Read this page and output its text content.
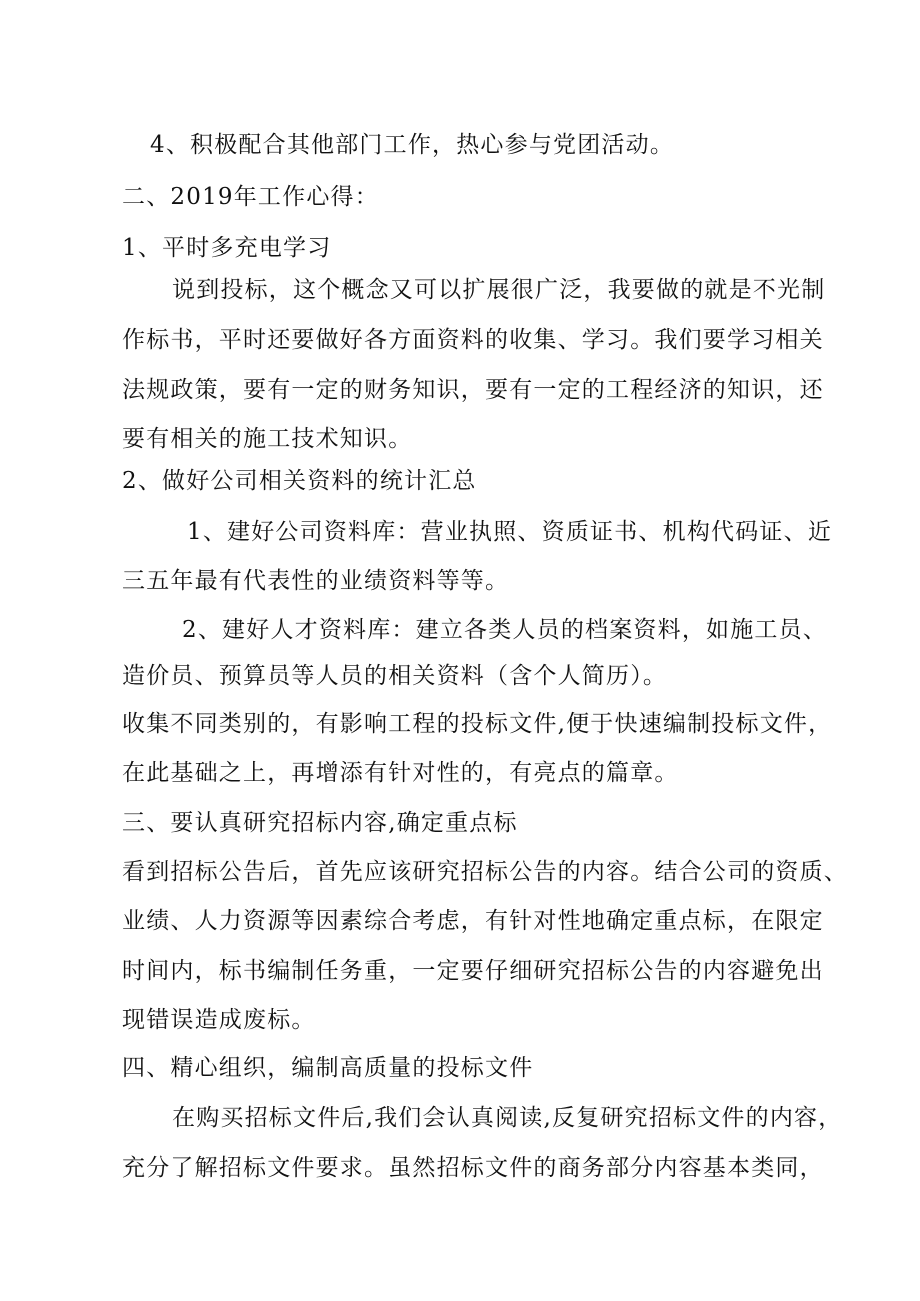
4、积极配合其他部门工作，热心参与党团活动。
二、2019年工作心得：
1、平时多充电学习
说到投标，这个概念又可以扩展很广泛，我要做的就是不光制
作标书，平时还要做好各方面资料的收集、学习。我们要学习相关
法规政策，要有一定的财务知识，要有一定的工程经济的知识，还
要有相关的施工技术知识。
2、做好公司相关资料的统计汇总
1、建好公司资料库：营业执照、资质证书、机构代码证、近
三五年最有代表性的业绩资料等等。
2、建好人才资料库：建立各类人员的档案资料，如施工员、
造价员、预算员等人员的相关资料（含个人简历）。
收集不同类别的，有影响工程的投标文件,便于快速编制投标文件，
在此基础之上，再增添有针对性的，有亮点的篇章。
三、要认真研究招标内容,确定重点标
看到招标公告后，首先应该研究招标公告的内容。结合公司的资质、
业绩、人力资源等因素综合考虑，有针对性地确定重点标，在限定
时间内，标书编制任务重，一定要仔细研究招标公告的内容避免出
现错误造成废标。
四、精心组织，编制高质量的投标文件
在购买招标文件后,我们会认真阅读,反复研究招标文件的内容，
充分了解招标文件要求。虽然招标文件的商务部分内容基本类同，
